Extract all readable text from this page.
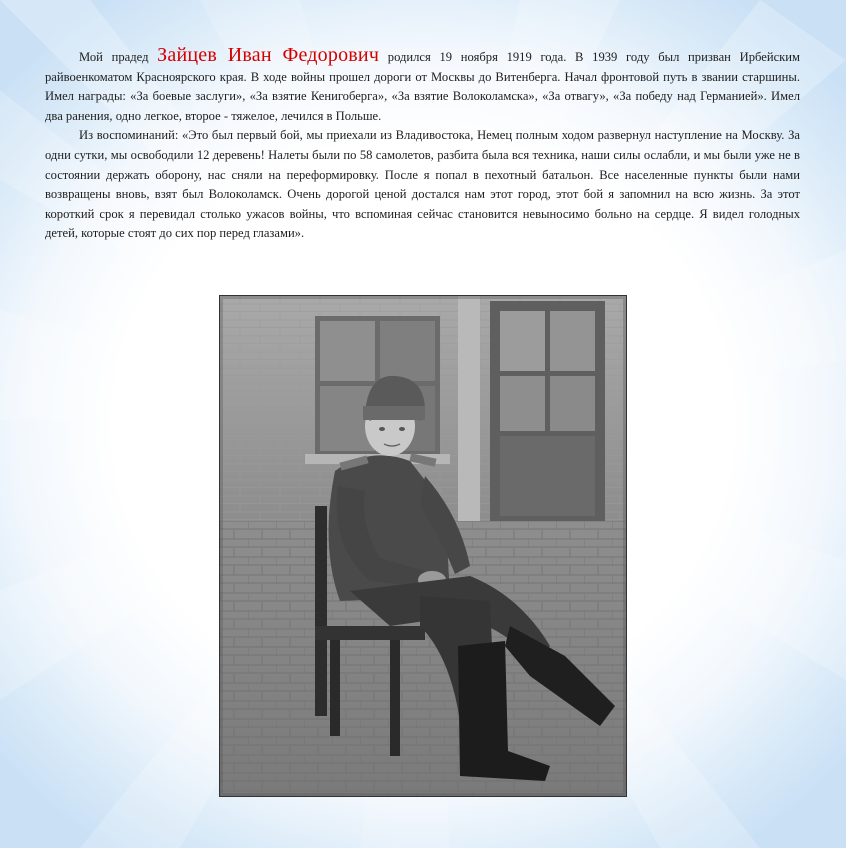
Мой прадед Зайцев Иван Федорович родился 19 ноября 1919 года. В 1939 году был призван Ирбейским райвоенкоматом Красноярского края. В ходе войны прошел дороги от Москвы до Витенберга. Начал фронтовой путь в звании старшины. Имел награды: «За боевые заслуги», «За взятие Кенигоберга», «За взятие Волоколамска», «За отвагу», «За победу над Германией». Имел два ранения, одно легкое, второе - тяжелое, лечился в Польше.

Из воспоминаний: «Это был первый бой, мы приехали из Владивостока, Немец полным ходом развернул наступление на Москву. За одни сутки, мы освободили 12 деревень! Налеты были по 58 самолетов, разбита была вся техника, наши силы ослабли, и мы были уже не в состоянии держать оборону, нас сняли на переформировку. После я попал в пехотный батальон. Все населенные пункты были нами возвращены вновь, взят был Волоколамск. Очень дорогой ценой достался нам этот город, этот бой я запомнил на всю жизнь. За этот короткий срок я перевидал столько ужасов войны, что вспоминая сейчас становится невыносимо больно на сердце. Я видел голодных детей, которые стоят до сих пор перед глазами».
